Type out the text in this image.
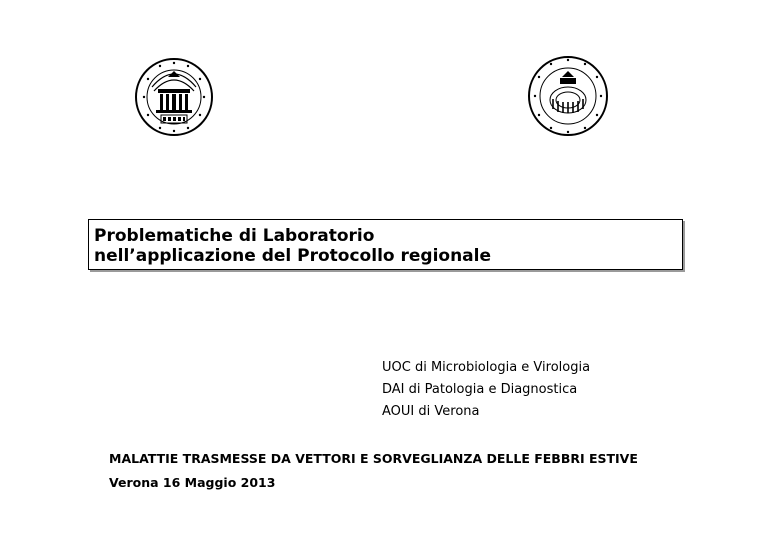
Problematiche di Laboratorio
nell’applicazione del Protocollo regionale
UOC di Microbiologia e Virologia
DAI di Patologia e Diagnostica
AOUI di Verona
MALATTIE TRASMESSE DA VETTORI E SORVEGLIANZA DELLE FEBBRI ESTIVE
Verona 16 Maggio 2013
